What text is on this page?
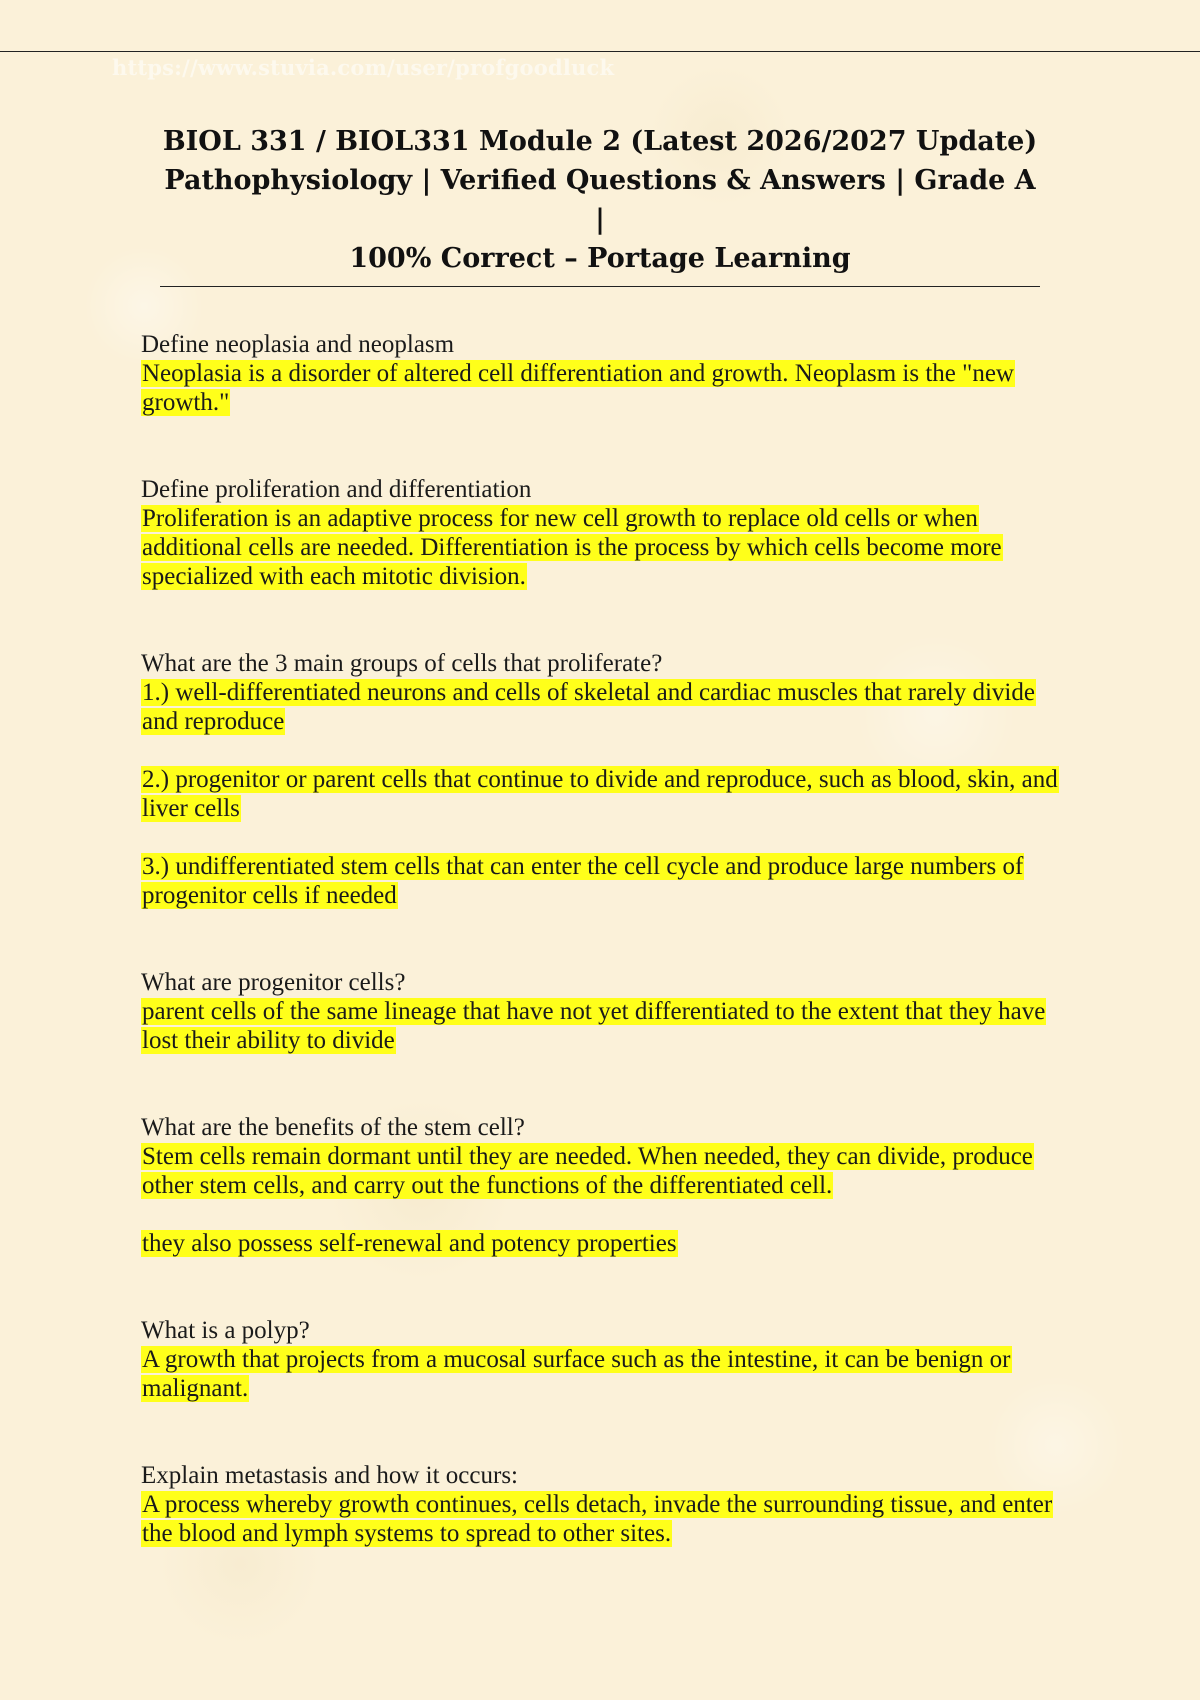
https://www.stuvia.com/user/profgoodluck
BIOL 331 / BIOL331 Module 2 (Latest 2026/2027 Update)
Pathophysiology | Verified Questions & Answers | Grade A |
100% Correct – Portage Learning

Define neoplasia and neoplasm

Neoplasia is a disorder of altered cell differentiation and growth. Neoplasm is the "new growth."

Define proliferation and differentiation

Proliferation is an adaptive process for new cell growth to replace old cells or when additional cells are needed. Differentiation is the process by which cells become more specialized with each mitotic division.

What are the 3 main groups of cells that proliferate?

1.) well-differentiated neurons and cells of skeletal and cardiac muscles that rarely divide and reproduce

2.) progenitor or parent cells that continue to divide and reproduce, such as blood, skin, and liver cells

3.) undifferentiated stem cells that can enter the cell cycle and produce large numbers of progenitor cells if needed

What are progenitor cells?

parent cells of the same lineage that have not yet differentiated to the extent that they have lost their ability to divide

What are the benefits of the stem cell?

Stem cells remain dormant until they are needed. When needed, they can divide, produce other stem cells, and carry out the functions of the differentiated cell.

they also possess self-renewal and potency properties

What is a polyp?

A growth that projects from a mucosal surface such as the intestine, it can be benign or malignant.

Explain metastasis and how it occurs:

A process whereby growth continues, cells detach, invade the surrounding tissue, and enter the blood and lymph systems to spread to other sites.
